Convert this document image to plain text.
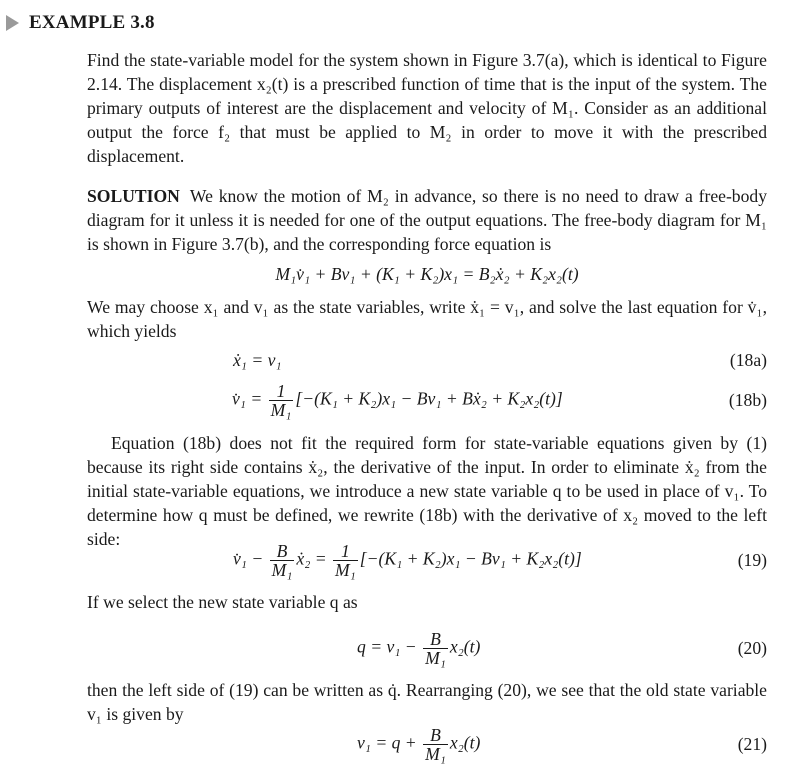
EXAMPLE 3.8
Find the state-variable model for the system shown in Figure 3.7(a), which is identical to Figure 2.14. The displacement x₂(t) is a prescribed function of time that is the input of the system. The primary outputs of interest are the displacement and velocity of M₁. Consider as an additional output the force f₂ that must be applied to M₂ in order to move it with the prescribed displacement.
SOLUTION We know the motion of M₂ in advance, so there is no need to draw a free-body diagram for it unless it is needed for one of the output equations. The free-body diagram for M₁ is shown in Figure 3.7(b), and the corresponding force equation is
M₁v̇₁ + Bv₁ + (K₁ + K₂)x₁ = B₂ẋ₂ + K₂x₂(t)
We may choose x₁ and v₁ as the state variables, write ẋ₁ = v₁, and solve the last equation for v̇₁, which yields
ẋ₁ = v₁	(18a)
v̇₁ = $\frac{1}{\text{M₁}} [-(K_1 + K_2)x_1 - Bv_1$ + Bẋ₂ + K₂x₂(t)]	(18b)
Equation (18b) does not fit the required form for state-variable equations given by (1) because its right side contains ẋ₂, the derivative of the input. In order to eliminate ẋ₂ from the initial state-variable equations, we introduce a new state variable q to be used in place of v₁. To determine how q must be defined, we rewrite (18b) with the derivative of x₂ moved to the left side:
v̇₁ − $\frac{B}{\text{M₁}}$ ẋ₂ = $\frac{1}{\text{M₁}} [-(K_1 + K_2)x_1 - Bv_1 + K_2x_2(t)]$	(19)
If we select the new state variable q as
$q = v_1 - \frac{B}{\text{M₁}} x_2(t)$	(20)
then the left side of (19) can be written as q̇. Rearranging (20), we see that the old state variable v₁ is given by
$v_1 = q + \frac{B}{\text{M₁}} x_2(t)$	(21)
